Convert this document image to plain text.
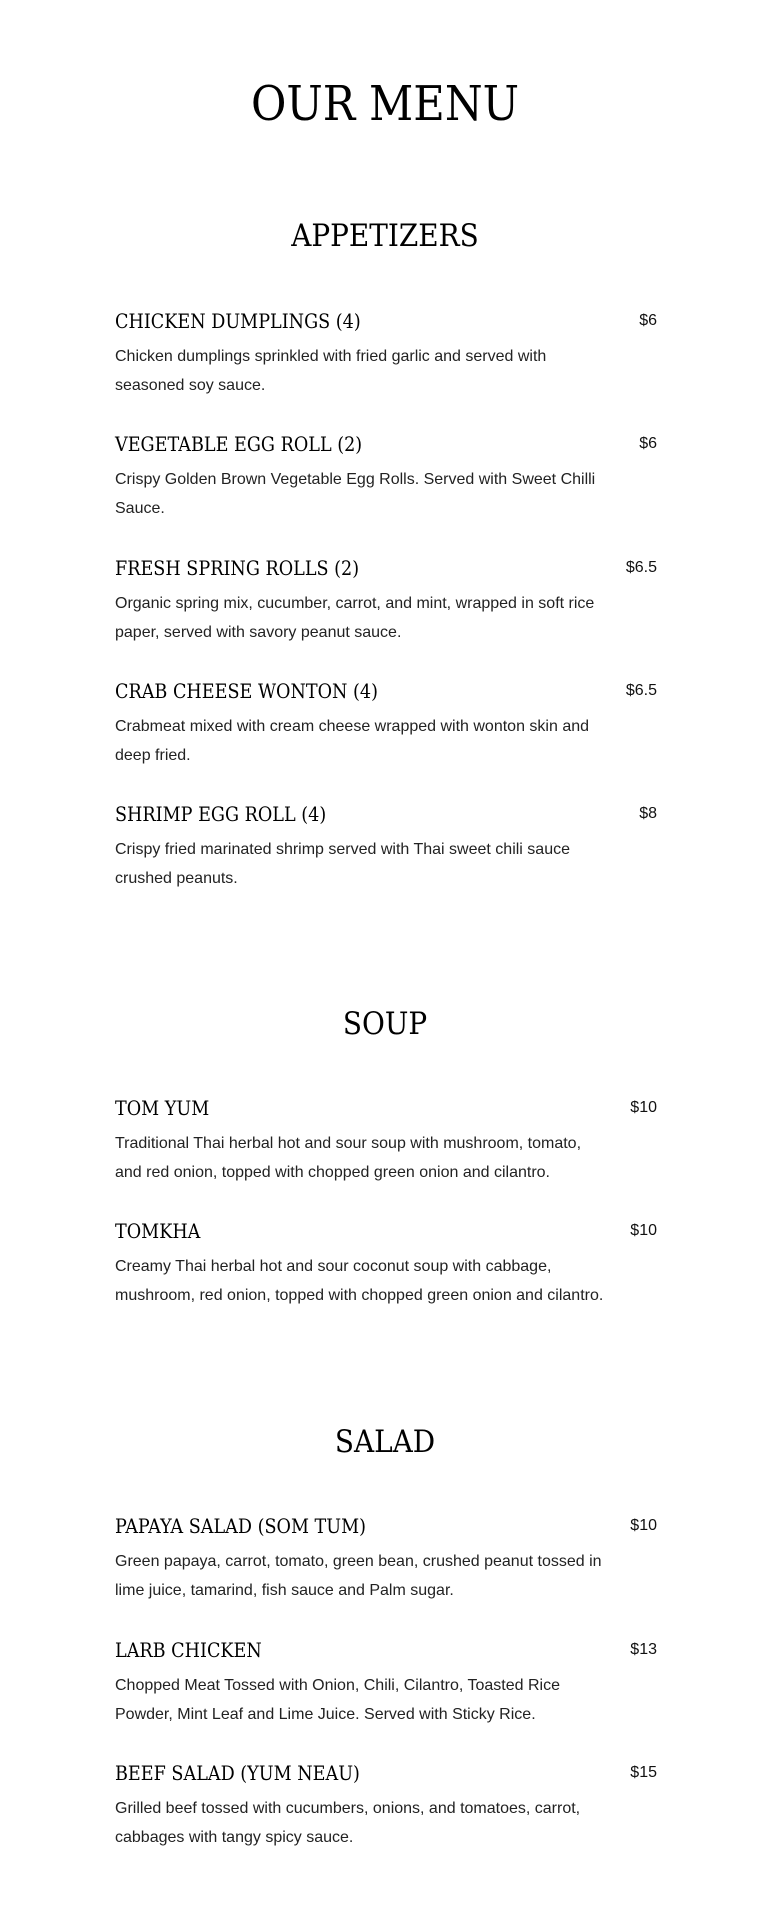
OUR MENU
APPETIZERS
CHICKEN DUMPLINGS (4)	$6

Chicken dumplings sprinkled with fried garlic and served with seasoned soy sauce.

VEGETABLE EGG ROLL (2)	$6

Crispy Golden Brown Vegetable Egg Rolls. Served with Sweet Chilli Sauce.

FRESH SPRING ROLLS (2)	$6.5

Organic spring mix, cucumber, carrot, and mint, wrapped in soft rice paper, served with savory peanut sauce.

CRAB CHEESE WONTON (4)	$6.5

Crabmeat mixed with cream cheese wrapped with wonton skin and deep fried.

SHRIMP EGG ROLL (4)	$8

Crispy fried marinated shrimp served with Thai sweet chili sauce crushed peanuts.

SOUP
TOM YUM	$10

Traditional Thai herbal hot and sour soup with mushroom, tomato, and red onion, topped with chopped green onion and cilantro.

TOMKHA	$10

Creamy Thai herbal hot and sour coconut soup with cabbage, mushroom, red onion, topped with chopped green onion and cilantro.

SALAD
PAPAYA SALAD (SOM TUM)	$10

Green papaya, carrot, tomato, green bean, crushed peanut tossed in lime juice, tamarind, fish sauce and Palm sugar.

LARB CHICKEN	$13

Chopped Meat Tossed with Onion, Chili, Cilantro, Toasted Rice Powder, Mint Leaf and Lime Juice. Served with Sticky Rice.

BEEF SALAD (YUM NEAU)	$15

Grilled beef tossed with cucumbers, onions, and tomatoes, carrot, cabbages with tangy spicy sauce.
